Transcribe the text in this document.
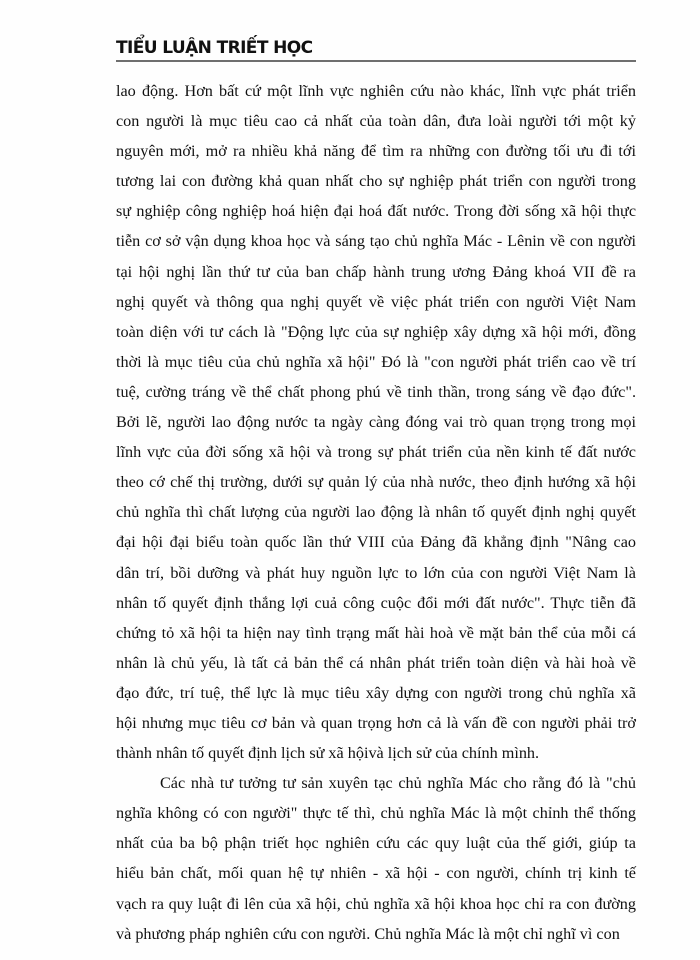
TIỂU LUẬN TRIẾT HỌC
lao động. Hơn bất cứ một lĩnh vực nghiên cứu nào khác, lĩnh vực phát triển
con người là mục tiêu cao cả nhất của toàn dân, đưa loài người tới một kỷ
nguyên mới, mở ra nhiều khả năng để tìm ra những con đường tối ưu đi tới
tương lai con đường khả quan nhất cho sự nghiệp phát triển con người trong
sự nghiệp công nghiệp hoá hiện đại hoá đất nước. Trong đời sống xã hội thực
tiễn cơ sở vận dụng khoa học và sáng tạo chủ nghĩa Mác - Lênin về con người
tại hội nghị lần thứ tư của ban chấp hành trung ương Đảng khoá VII đề ra
nghị quyết và thông qua nghị quyết về việc phát triển con người Việt Nam
toàn diện với tư cách là "Động lực của sự nghiệp xây dựng xã hội mới, đồng
thời là mục tiêu của chủ nghĩa xã hội" Đó là "con người phát triển cao về trí
tuệ, cường tráng về thể chất phong phú về tinh thần, trong sáng về đạo đức".
Bởi lẽ, người lao động nước ta ngày càng đóng vai trò quan trọng trong mọi
lĩnh vực của đời sống xã hội và trong sự phát triển của nền kinh tế đất nước
theo cớ chế thị trường, dưới sự quản lý của nhà nước, theo định hướng xã hội
chủ nghĩa thì chất lượng của người lao động là nhân tố quyết định nghị quyết
đại hội đại biểu toàn quốc lần thứ VIII của Đảng đã khẳng định "Nâng cao
dân trí, bồi dưỡng và phát huy nguồn lực to lớn của con người Việt Nam là
nhân tố quyết định thắng lợi cuả công cuộc đổi mới đất nước". Thực tiễn đã
chứng tỏ xã hội ta hiện nay tình trạng mất hài hoà về mặt bản thể của mỗi cá
nhân là chủ yếu, là tất cả bản thể cá nhân phát triển toàn diện và hài hoà về
đạo đức, trí tuệ, thể lực là mục tiêu xây dựng con người trong chủ nghĩa xã
hội nhưng mục tiêu cơ bản và quan trọng hơn cả là vấn đề con người phải trở
thành nhân tố quyết định lịch sử xã hộivà lịch sử của chính mình.
Các nhà tư tưởng tư sản xuyên tạc chủ nghĩa Mác cho rằng đó là "chủ
nghĩa không có con người" thực tế thì, chủ nghĩa Mác là một chỉnh thể thống
nhất của ba bộ phận triết học nghiên cứu các quy luật của thế giới, giúp ta
hiểu bản chất, mối quan hệ tự nhiên - xã hội - con người, chính trị kinh tế
vạch ra quy luật đi lên của xã hội, chủ nghĩa xã hội khoa học chỉ ra con đường
và phương pháp nghiên cứu con người. Chủ nghĩa Mác là một chỉ nghĩ vì con
